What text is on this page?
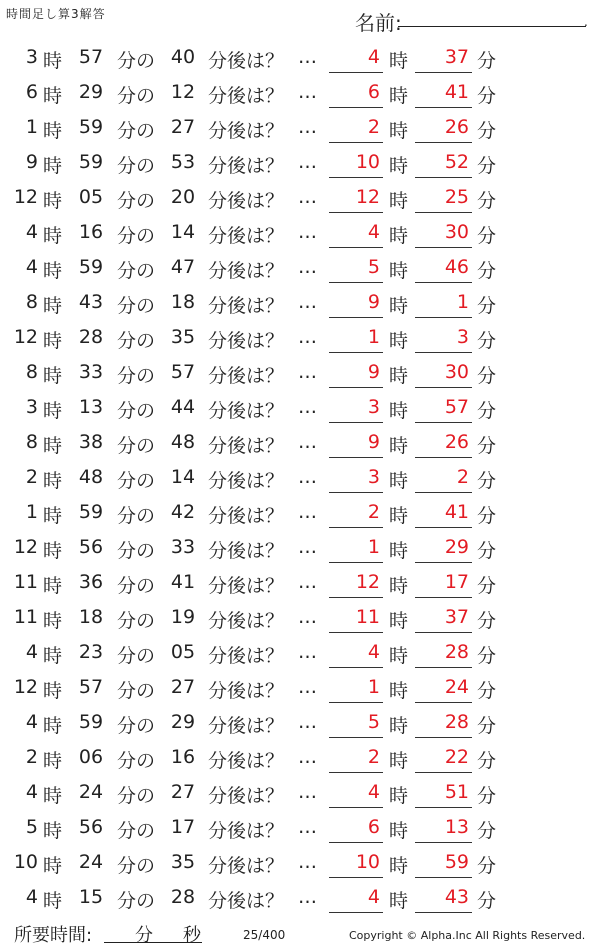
時間足し算3解答	名前:	.
3 時 57 分の 40 分後は？ …	4 時	37 分
6 時 29 分の 12 分後は？ …	6 時	41 分
1 時 59 分の 27 分後は？ …	2 時	26 分
9 時 59 分の 53 分後は？ …	10 時	52 分
12 時 05 分の 20 分後は？ …	12 時	25 分
4 時 16 分の 14 分後は？ …	4 時	30 分
4 時 59 分の 47 分後は？ …	5 時	46 分
8 時 43 分の 18 分後は？ …	9 時	1 分
12 時 28 分の 35 分後は？ …	1 時	3 分
8 時 33 分の 57 分後は？ …	9 時	30 分
3 時 13 分の 44 分後は？ …	3 時	57 分
8 時 38 分の 48 分後は？ …	9 時	26 分
2 時 48 分の 14 分後は？ …	3 時	2 分
1 時 59 分の 42 分後は？ …	2 時	41 分
12 時 56 分の 33 分後は？ …	1 時	29 分
11 時 36 分の 41 分後は？ …	12 時	17 分
11 時 18 分の 19 分後は？ …	11 時	37 分
4 時 23 分の 05 分後は？ …	4 時	28 分
12 時 57 分の 27 分後は？ …	1 時	24 分
4 時 59 分の 29 分後は？ …	5 時	28 分
2 時 06 分の 16 分後は？ …	2 時	22 分
4 時 24 分の 27 分後は？ …	4 時	51 分
5 時 56 分の 17 分後は？ …	6 時	13 分
10 時 24 分の 35 分後は？ …	10 時	59 分
4 時 15 分の 28 分後は？ …	4 時	43 分
所要時間: 分 秒	25/400	Copyright © Alpha.Inc All Rights Reserved.
